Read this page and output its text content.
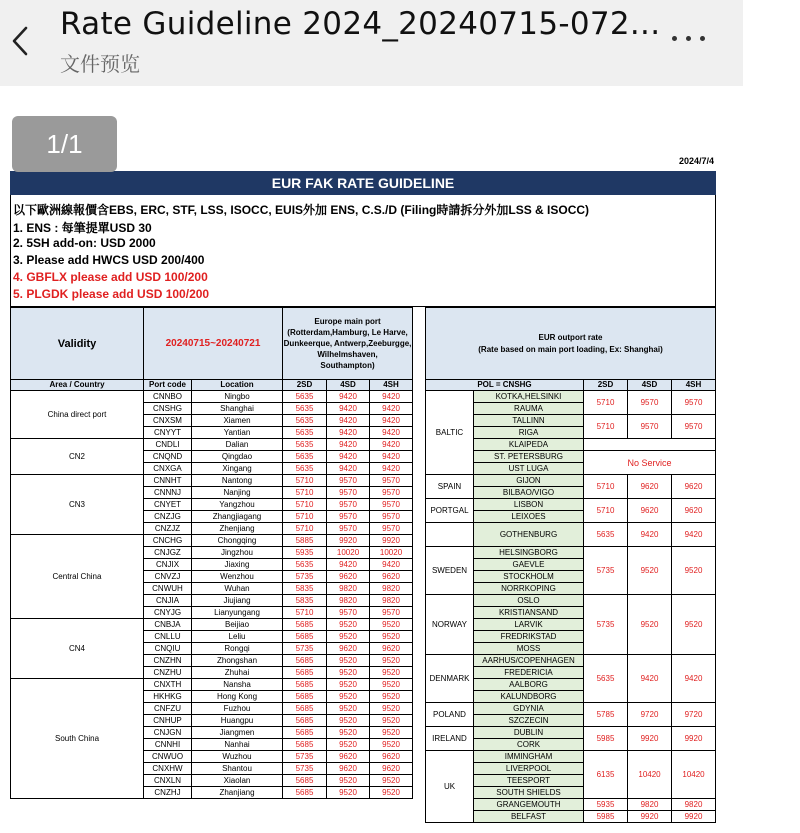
Rate Guideline 2024_20240715-072...
文件预览
2024/7/4
EUR FAK RATE GUIDELINE
以下歐洲線報價含EBS, ERC, STF, LSS, ISOCC, EUIS外加 ENS, C.S./D (Filing時請拆分外加LSS & ISOCC)
1. ENS : 每筆提單USD 30
2. 5SH add-on: USD 2000
3. Please add HWCS USD 200/400
4. GBFLX please add USD 100/200
5. PLGDK please add USD 100/200
Validity	20240715~20240721		Europe main port
(Rotterdam,Hamburg, Le Harve,
Dunkeerque, Antwerp,Zeeburgge,
Wilhelmshaven,
Southampton)		
Area / Country	Port code	Location	2SD	4SD	4SH
China direct port	CNNBO	Ningbo	5635	9420	9420
	CNSHG	Shanghai	5635	9420	9420
	CNXSM	Xiamen	5635	9420	9420
	CNYYT	Yantian	5635	9420	9420
CN2	CNDLI	Dalian	5635	9420	9420
	CNQND	Qingdao	5635	9420	9420
	CNXGA	Xingang	5635	9420	9420
CN3	CNNHT	Nantong	5710	9570	9570
	CNNNJ	Nanjing	5710	9570	9570
	CNYET	Yangzhou	5710	9570	9570
	CNZJG	Zhangjiagang	5710	9570	9570
	CNZJZ	Zhenjiang	5710	9570	9570
Central China	CNCHG	Chongqing	5885	9920	9920
	CNJGZ	Jingzhou	5935	10020	10020
	CNJIX	Jiaxing	5635	9420	9420
	CNVZJ	Wenzhou	5735	9620	9620
	CNWUH	Wuhan	5835	9820	9820
	CNJIA	Jiujiang	5835	9820	9820
	CNYJG	Lianyungang	5710	9570	9570
CN4	CNBJA	Beijiao	5685	9520	9520
	CNLLU	Leliu	5685	9520	9520
	CNQIU	Rongqi	5735	9620	9620
	CNZHN	Zhongshan	5685	9520	9520
	CNZHU	Zhuhai	5685	9520	9520
South China	CNXTH	Nansha	5685	9520	9520
	HKHKG	Hong Kong	5685	9520	9520
	CNFZU	Fuzhou	5685	9520	9520
	CNHUP	Huangpu	5685	9520	9520
	CNJGN	Jiangmen	5685	9520	9520
	CNNHI	Nanhai	5685	9520	9520
	CNWUO	Wuzhou	5735	9620	9620
	CNXHW	Shantou	5735	9620	9620
	CNXLN	Xiaolan	5685	9520	9520
	CNZHJ	Zhanjiang	5685	9520	9520
EUR outport rate
(Rate based on main port loading, Ex: Shanghai)				
POL = CNSHG		2SD	4SD	4SH
BALTIC	KOTKA,HELSINKI	5710	9570	9570
	RAUMA			
	TALLINN	5710	9570	9570
	RIGA			
	KLAIPEDA			
	ST. PETERSBURG	No Service		
	UST LUGA			
SPAIN	GIJON	5710	9620	9620
	BILBAO/VIGO			
PORTGAL	LISBON	5710	9620	9620
	LEIXOES			
	GOTHENBURG	5635	9420	9420
SWEDEN	HELSINGBORG	5735	9520	9520
	GAEVLE			
	STOCKHOLM			
	NORRKOPING			
NORWAY	OSLO	5735	9520	9520
	KRISTIANSAND			
	LARVIK			
	FREDRIKSTAD			
	MOSS			
DENMARK	AARHUS/COPENHAGEN	5635	9420	9420
	FREDERICIA			
	AALBORG			
	KALUNDBORG			
POLAND	GDYNIA	5785	9720	9720
	SZCZECIN			
IRELAND	DUBLIN	5985	9920	9920
	CORK			
UK	IMMINGHAM	6135	10420	10420
	LIVERPOOL			
	TEESPORT			
	SOUTH SHIELDS			
	GRANGEMOUTH	5935	9820	9820
	BELFAST	5985	9920	9920
1/1
